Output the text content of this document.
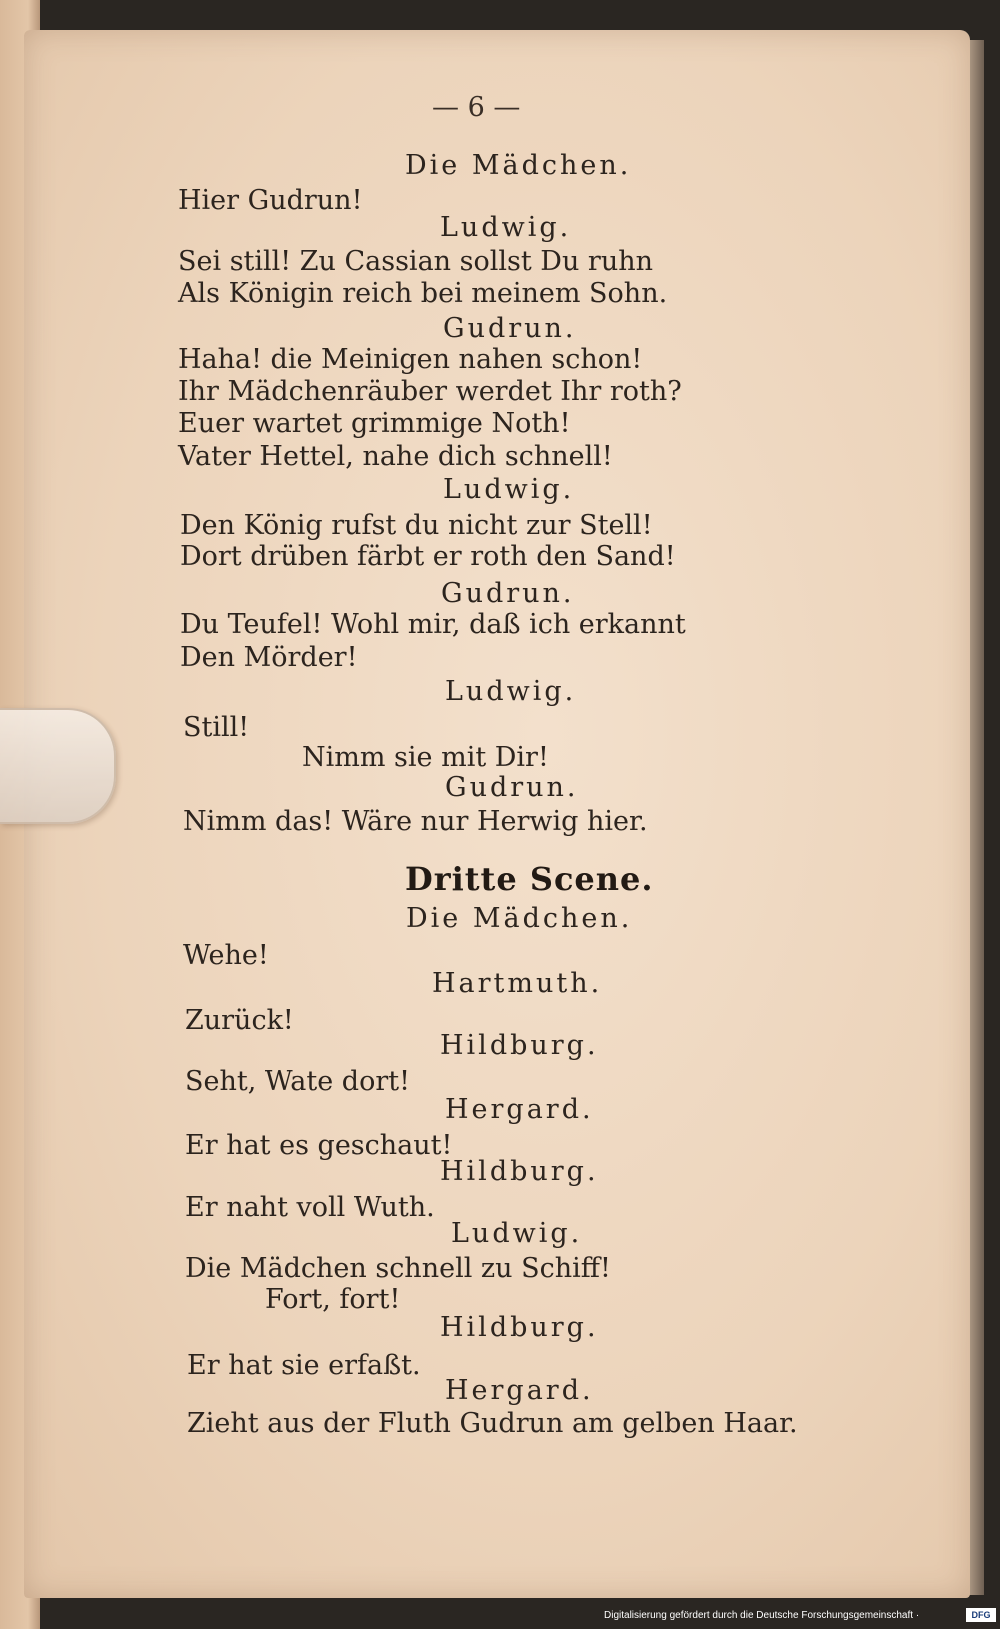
— 6 —
Die Mädchen.
Hier Gudrun!
Ludwig.
Sei still! Zu Cassian sollst Du ruhn
Als Königin reich bei meinem Sohn.
Gudrun.
Haha! die Meinigen nahen schon!
Ihr Mädchenräuber werdet Ihr roth?
Euer wartet grimmige Noth!
Vater Hettel, nahe dich schnell!
Ludwig.
Den König rufst du nicht zur Stell!
Dort drüben färbt er roth den Sand!
Gudrun.
Du Teufel! Wohl mir, daß ich erkannt
Den Mörder!
Ludwig.
Still!
Nimm sie mit Dir!
Gudrun.
Nimm das! Wäre nur Herwig hier.
Dritte Scene.
Die Mädchen.
Wehe!
Hartmuth.
Zurück!
Hildburg.
Seht, Wate dort!
Hergard.
Er hat es geschaut!
Hildburg.
Er naht voll Wuth.
Ludwig.
Die Mädchen schnell zu Schiff!
Fort, fort!
Hildburg.
Er hat sie erfaßt.
Hergard.
Zieht aus der Fluth Gudrun am gelben Haar.
Digitalisierung gefördert durch die Deutsche Forschungsgemeinschaft ·	DFG
